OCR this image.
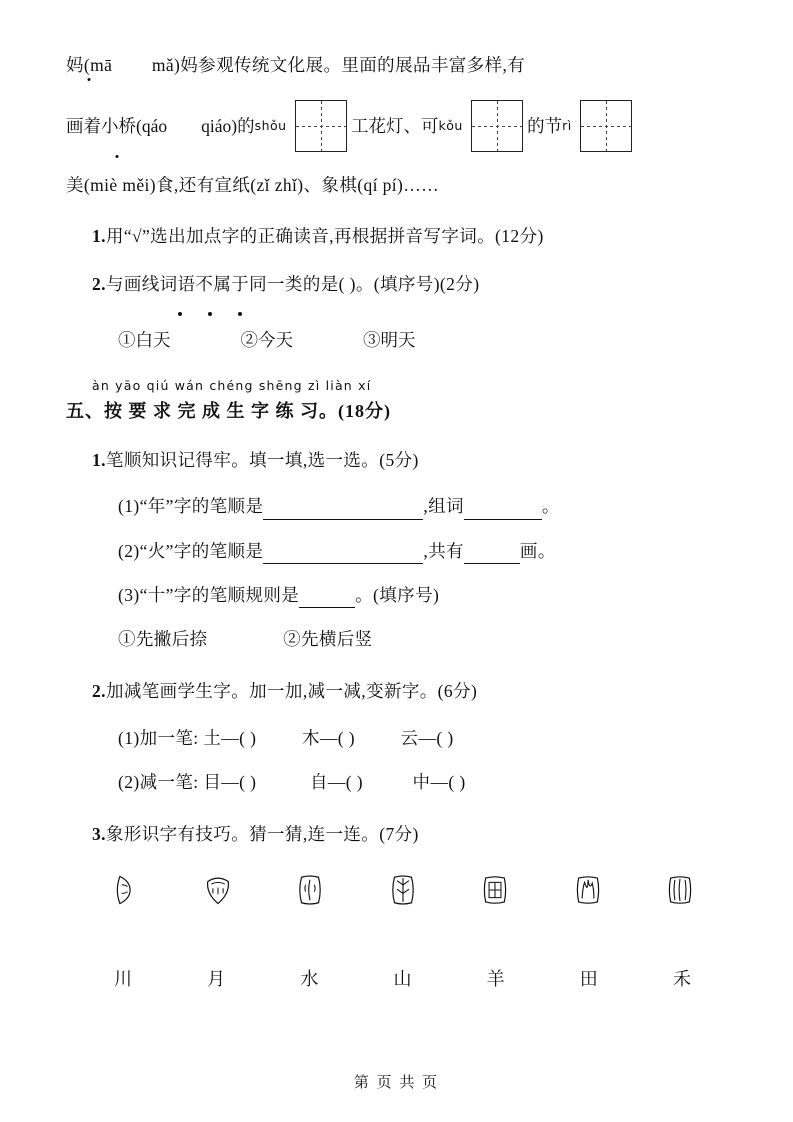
妈(mā mǎ)妈参观传统文化展。里面的展品丰富多样,有
画着小桥(qáo qiáo)的 shǒu	工花灯、可 kǒu	的节 rì
美(miè měi)食,还有宣纸(zǐ zhǐ)、象棋(qí pí)……
1.用“√”选出加点字的正确读音,再根据拼音写字词。(12分)
2.与画线词语不属于同一类的是( )。(填序号)(2分)

①白天	②今天	③明天
àn yāo qiú wán chéng shēng zì liàn xí
五、按 要 求 完 成 生 字 练 习。(18分)
1.笔顺知识记得牢。填一填,选一选。(5分)
(1)“年”字的笔顺是	,组词	。
(2)“火”字的笔顺是	,共有	画。
(3)“十”字的笔顺规则是	。(填序号)
①先撇后捺	②先横后竖
2.加减笔画学生字。加一加,减一减,变新字。(6分)
(1)加一笔: 土—( )	木—( )	云—( )
(2)减一笔: 目—( )	自—( )	中—( )
3.象形识字有技巧。猜一猜,连一连。(7分)
川	月	水	山	羊	田	禾
第 页 共 页
